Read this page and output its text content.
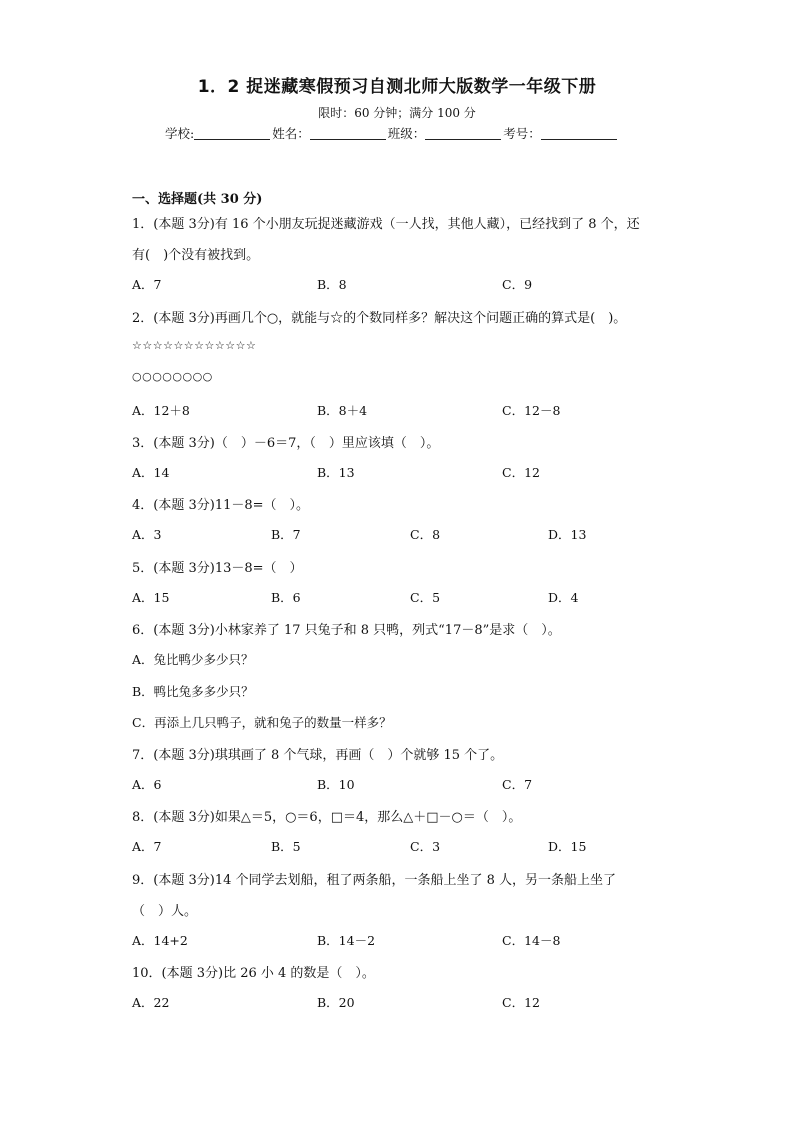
1．2 捉迷藏寒假预习自测北师大版数学一年级下册
限时：60 分钟；满分 100 分
学校:	姓名：	班级：	考号：
一、选择题(共 30 分)
1．(本题 3分)有 16 个小朋友玩捉迷藏游戏（一人找，其他人藏），已经找到了 8 个，还
有(　)个没有被找到。
A．7	B．8	C．9
2．(本题 3分)再画几个○，就能与☆的个数同样多？解决这个问题正确的算式是(　)。
☆☆☆☆☆☆☆☆☆☆☆☆
○○○○○○○○
A．12＋8	B．8＋4	C．12－8
3．(本题 3分)（　）－6＝7，（　）里应该填（　）。
A．14	B．13	C．12
4．(本题 3分)11－8=（　）。
A．3	B．7	C．8	D．13
5．(本题 3分)13－8=（　）
A．15	B．6	C．5	D．4
6．(本题 3分)小林家养了 17 只兔子和 8 只鸭，列式“17－8”是求（　）。
A．兔比鸭少多少只？
B．鸭比兔多多少只？
C．再添上几只鸭子，就和兔子的数量一样多？
7．(本题 3分)琪琪画了 8 个气球，再画（　）个就够 15 个了。
A．6	B．10	C．7
8．(本题 3分)如果△＝5，○＝6，□＝4，那么△＋□－○＝（　）。
A．7	B．5	C．3	D．15
9．(本题 3分)14 个同学去划船，租了两条船，一条船上坐了 8 人，另一条船上坐了
（　）人。
A．14+2	B．14－2	C．14－8
10．(本题 3分)比 26 小 4 的数是（　）。
A．22	B．20	C．12
